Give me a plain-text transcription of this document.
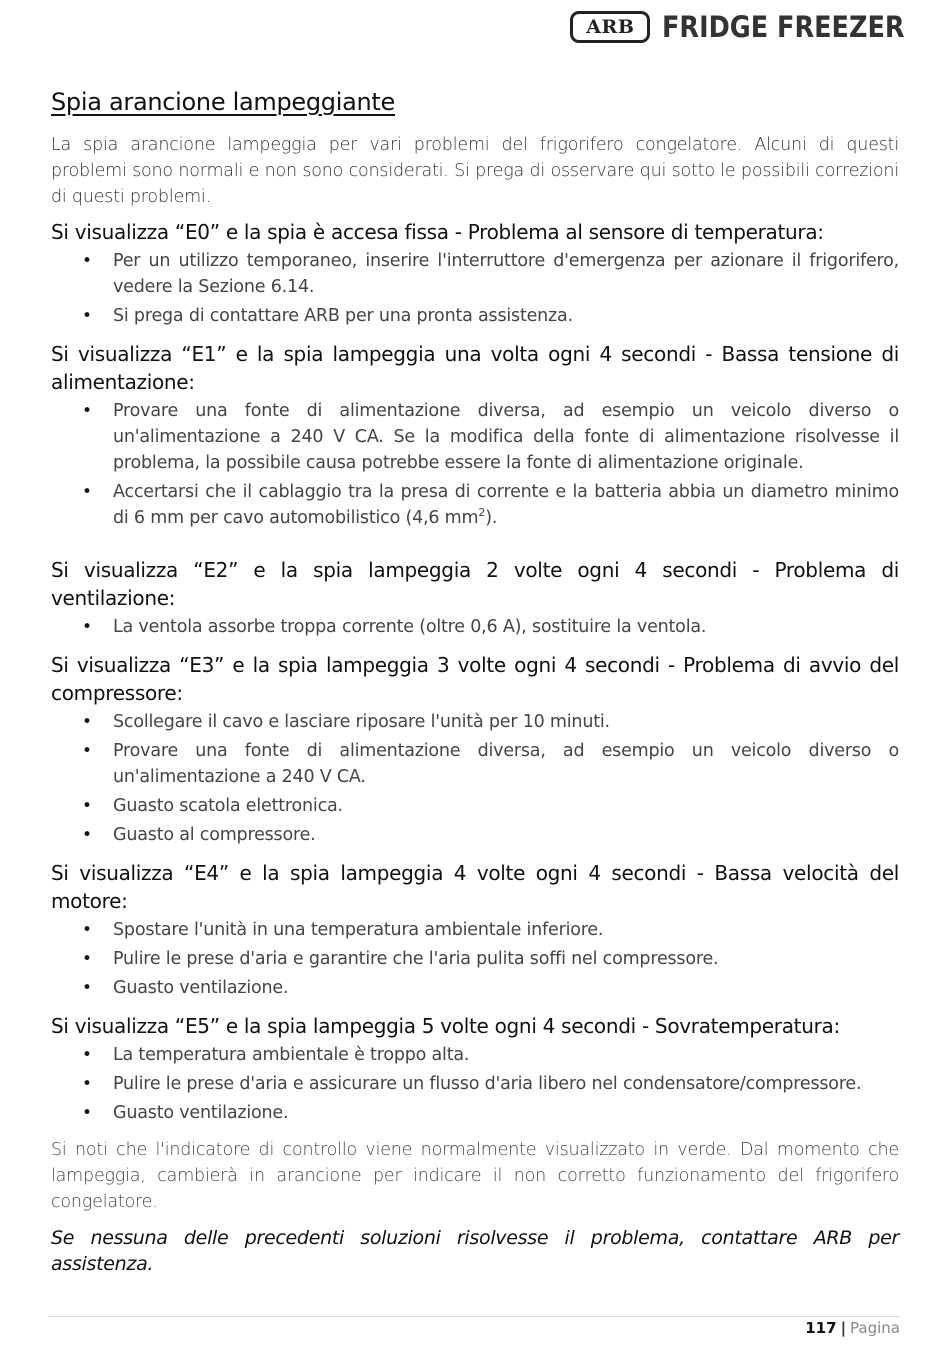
ARB FRIDGE FREEZER
Spia arancione lampeggiante

La spia arancione lampeggia per vari problemi del frigorifero congelatore. Alcuni di questi problemi sono normali e non sono considerati. Si prega di osservare qui sotto le possibili correzioni di questi problemi.

Si visualizza “E0” e la spia è accesa fissa - Problema al sensore di temperatura:
• Per un utilizzo temporaneo, inserire l'interruttore d'emergenza per azionare il frigorifero, vedere la Sezione 6.14.
• Si prega di contattare ARB per una pronta assistenza.
Si visualizza “E1” e la spia lampeggia una volta ogni 4 secondi - Bassa tensione di alimentazione:
• Provare una fonte di alimentazione diversa, ad esempio un veicolo diverso o un'alimentazione a 240 V CA. Se la modifica della fonte di alimentazione risolvesse il problema, la possibile causa potrebbe essere la fonte di alimentazione originale.
• Accertarsi che il cablaggio tra la presa di corrente e la batteria abbia un diametro minimo di 6 mm per cavo automobilistico (4,6 $mm^2$).
Si visualizza “E2” e la spia lampeggia 2 volte ogni 4 secondi - Problema di ventilazione:
• La ventola assorbe troppa corrente (oltre 0,6 A), sostituire la ventola.
Si visualizza “E3” e la spia lampeggia 3 volte ogni 4 secondi - Problema di avvio del compressore:
• Scollegare il cavo e lasciare riposare l'unità per 10 minuti.
• Provare una fonte di alimentazione diversa, ad esempio un veicolo diverso o un'alimentazione a 240 V CA.
• Guasto scatola elettronica.
• Guasto al compressore.
Si visualizza “E4” e la spia lampeggia 4 volte ogni 4 secondi - Bassa velocità del motore:
• Spostare l'unità in una temperatura ambientale inferiore.
• Pulire le prese d'aria e garantire che l'aria pulita soffi nel compressore.
• Guasto ventilazione.
Si visualizza “E5” e la spia lampeggia 5 volte ogni 4 secondi - Sovratemperatura:
• La temperatura ambientale è troppo alta.
• Pulire le prese d'aria e assicurare un flusso d'aria libero nel condensatore/compressore.
• Guasto ventilazione.

Si noti che l'indicatore di controllo viene normalmente visualizzato in verde. Dal momento che lampeggia, cambierà in arancione per indicare il non corretto funzionamento del frigorifero congelatore.

Se nessuna delle precedenti soluzioni risolvesse il problema, contattare ARB per assistenza.

117 | Pagina
